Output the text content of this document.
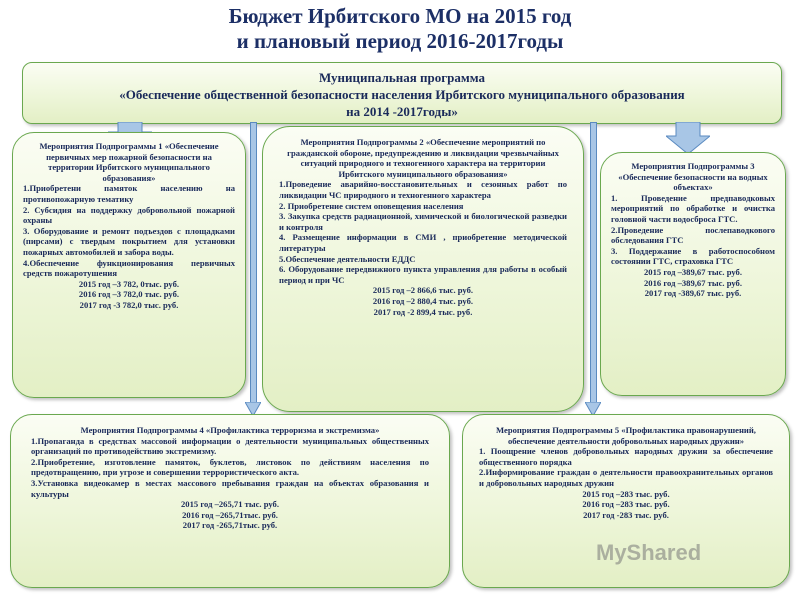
Бюджет Ирбитского МО на 2015 год
и плановый период 2016-2017годы
Муниципальная программа
«Обеспечение общественной безопасности населения Ирбитского муниципального образования
на 2014 -2017годы»

Мероприятия Подпрограммы 1 «Обеспечение первичных мер пожарной безопасности на территории Ирбитского муниципального образования»

1.Приобретени памяток населению на противопожарную тематику

2. Субсидия на поддержку добровольной пожарной охраны

3. Оборудование и ремонт подъездов с площадками (пирсами) с твердым покрытием для установки пожарных автомобилей и забора воды.

4.Обеспечение функционирования первичных средств пожаротушения

2015 год –3 782, 0тыс. руб.

2016 год –3 782,0 тыс. руб.

2017 год -3 782,0 тыс. руб.

Мероприятия Подпрограммы 2 «Обеспечение мероприятий по гражданской обороне, предупреждению и ликвидации чрезвычайных ситуаций природного и техногенного характера на территории Ирбитского муниципального образования»

1.Проведение аварийно-восстановительных и сезонных работ по ликвидации ЧС природного и техногенного характера

2. Приобретение систем оповещения населения

3. Закупка средств радиационной, химической и биологической разведки и контроля

4. Размещение информации в СМИ , приобретение методической литературы

5.Обеспечение деятельности ЕДДС

6. Оборудование передвижного пункта управления для работы в особый период и при ЧС

2015 год –2 866,6 тыс. руб.

2016 год –2 880,4 тыс. руб.

2017 год -2 899,4 тыс. руб.

Мероприятия Подпрограммы 3 «Обеспечение безопасности на водных объектах»

1. Проведение предпаводковых мероприятий по обработке и очистка головной части водосброса ГТС.

2.Проведение послепаводкового обследования ГТС

3. Поддержание в работоспособном состоянии ГТС, страховка ГТС

2015 год –389,67 тыс. руб.

2016 год –389,67 тыс. руб.

2017 год -389,67 тыс. руб.

Мероприятия Подпрограммы 4 «Профилактика терроризма и экстремизма»

1.Пропаганда в средствах массовой информации о деятельности муниципальных общественных организаций по противодействию экстремизму.

2.Приобретение, изготовление памяток, буклетов, листовок по действиям населения по предотвращению, при угрозе и совершении террористического акта.

3.Установка видеокамер в местах массового пребывания граждан на объектах образования и культуры

2015 год –265,71 тыс. руб.

2016 год –265,71тыс. руб.

2017 год -265,71тыс. руб.

Мероприятия Подпрограммы 5 «Профилактика правонарушений, обеспечение деятельности добровольных народных дружин»

1. Поощрение членов добровольных народных дружин за обеспечение общественного порядка

2.Информирование граждан о деятельности правоохранительных органов и добровольных народных дружин

2015 год –283 тыс. руб.

2016 год –283 тыс. руб.

2017 год -283 тыс. руб.

MyShared
